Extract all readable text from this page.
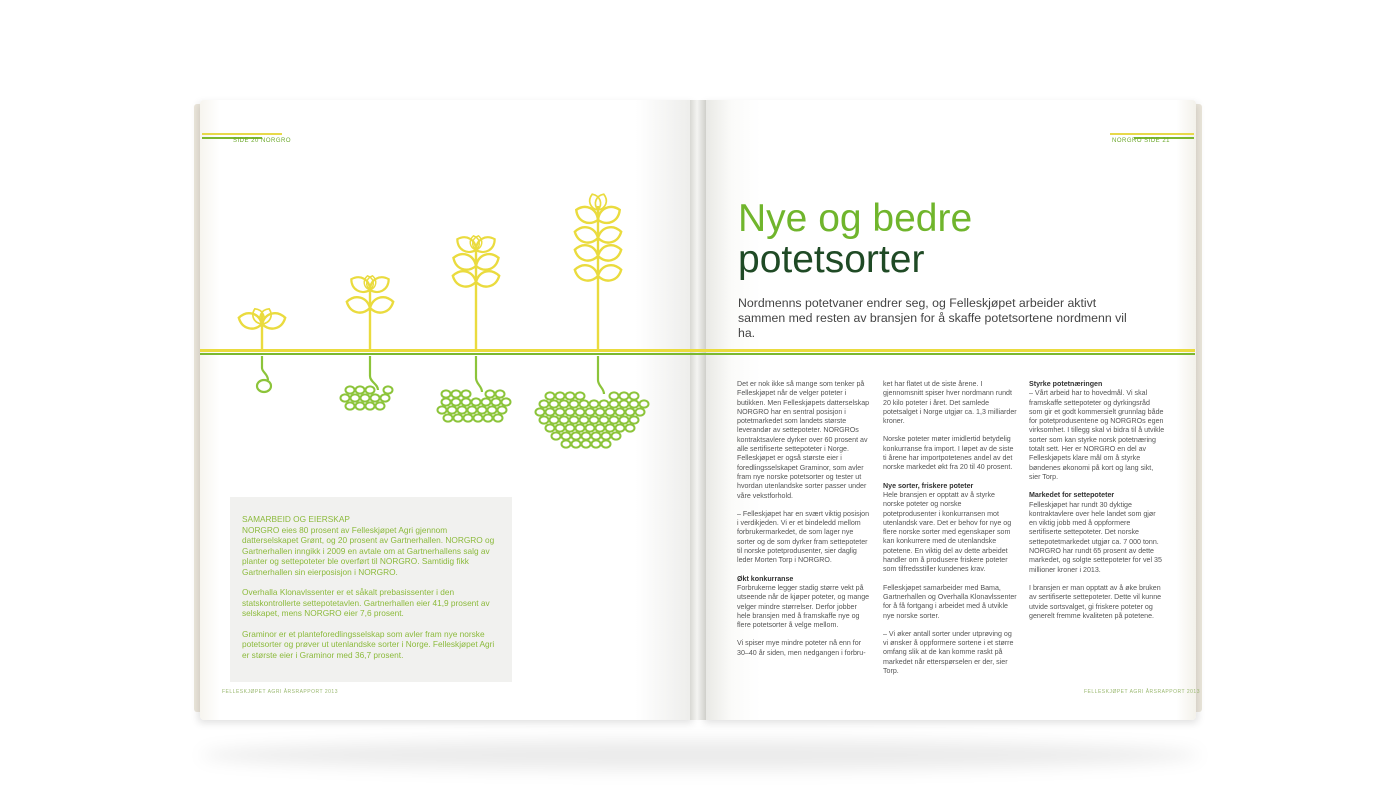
SIDE 20 NORGRO	NORGRO SIDE 21

SAMARBEID OG EIERSKAP

NORGRO eies 80 prosent av Felleskjøpet Agri gjennom datterselskapet Grønt, og 20 prosent av Gartnerhallen. NORGRO og Gartnerhallen inngikk i 2009 en avtale om at Gartnerhallens salg av planter og settepoteter ble overført til NORGRO. Samtidig fikk Gartnerhallen sin eierposisjon i NORGRO.

Overhalla Klonavlssenter er et såkalt prebasissenter i den statskontrollerte settepotetavlen. Gartnerhallen eier 41,9 prosent av selskapet, mens NORGRO eier 7,6 prosent.

Graminor er et planteforedlingsselskap som avler fram nye norske potetsorter og prøver ut utenlandske sorter i Norge. Felleskjøpet Agri er største eier i Graminor med 36,7 prosent.

Nye og bedre
potetsorter
Nordmenns potetvaner endrer seg, og Felleskjøpet arbeider aktivt sammen med resten av bransjen for å skaffe potetsortene nordmenn vil ha.

Det er nok ikke så mange som tenker på Felleskjøpet når de velger poteter i butikken. Men Felleskjøpets datterselskap NORGRO har en sentral posisjon i potetmarkedet som landets største leverandør av settepoteter. NORGROs kontraktsavlere dyrker over 60 prosent av alle sertifiserte settepoteter i Norge. Felleskjøpet er også største eier i foredlingsselskapet Graminor, som avler fram nye norske potetsorter og tester ut hvordan utenlandske sorter passer under våre vekstforhold.

– Felleskjøpet har en svært viktig posisjon i verdikjeden. Vi er et bindeledd mellom forbrukermarkedet, de som lager nye sorter og de som dyrker fram settepoteter til norske potetprodusenter, sier daglig leder Morten Torp i NORGRO.

Økt konkurranse

Forbrukerne legger stadig større vekt på utseende når de kjøper poteter, og mange velger mindre størrelser. Derfor jobber hele bransjen med å framskaffe nye og flere potetsorter å velge mellom.

Vi spiser mye mindre poteter nå enn for 30–40 år siden, men nedgangen i forbru-

ket har flatet ut de siste årene. I gjennomsnitt spiser hver nordmann rundt 20 kilo poteter i året. Det samlede potetsalget i Norge utgjør ca. 1,3 milliarder kroner.

Norske poteter møter imidlertid betydelig konkurranse fra import. I løpet av de siste ti årene har importpotetenes andel av det norske markedet økt fra 20 til 40 prosent.

Nye sorter, friskere poteter

Hele bransjen er opptatt av å styrke norske poteter og norske potetprodusenter i konkurransen mot utenlandsk vare. Det er behov for nye og flere norske sorter med egenskaper som kan konkurrere med de utenlandske potetene. En viktig del av dette arbeidet handler om å produsere friskere poteter som tilfredsstiller kundenes krav.

Felleskjøpet samarbeider med Bama, Gartnerhallen og Overhalla Klonavlssenter for å få fortgang i arbeidet med å utvikle nye norske sorter.

– Vi øker antall sorter under utprøving og vi ønsker å oppformere sortene i et større omfang slik at de kan komme raskt på markedet når etterspørselen er der, sier Torp.

Styrke potetnæringen

– Vårt arbeid har to hovedmål. Vi skal framskaffe settepoteter og dyrkingsråd som gir et godt kommersielt grunnlag både for potetprodusentene og NORGROs egen virksomhet. I tillegg skal vi bidra til å utvikle sorter som kan styrke norsk potetnæring totalt sett. Her er NORGRO en del av Felleskjøpets klare mål om å styrke bøndenes økonomi på kort og lang sikt, sier Torp.

Markedet for settepoteter

Felleskjøpet har rundt 30 dyktige kontraktavlere over hele landet som gjør en viktig jobb med å oppformere sertifiserte settepoteter. Det norske settepotetmarkedet utgjør ca. 7 000 tonn. NORGRO har rundt 65 prosent av dette markedet, og solgte settepoteter for vel 35 millioner kroner i 2013.

I bransjen er man opptatt av å øke bruken av sertifiserte settepoteter. Dette vil kunne utvide sortsvalget, gi friskere poteter og generelt fremme kvaliteten på potetene.

FELLESKJØPET AGRI ÅRSRAPPORT 2013	FELLESKJØPET AGRI ÅRSRAPPORT 2013
